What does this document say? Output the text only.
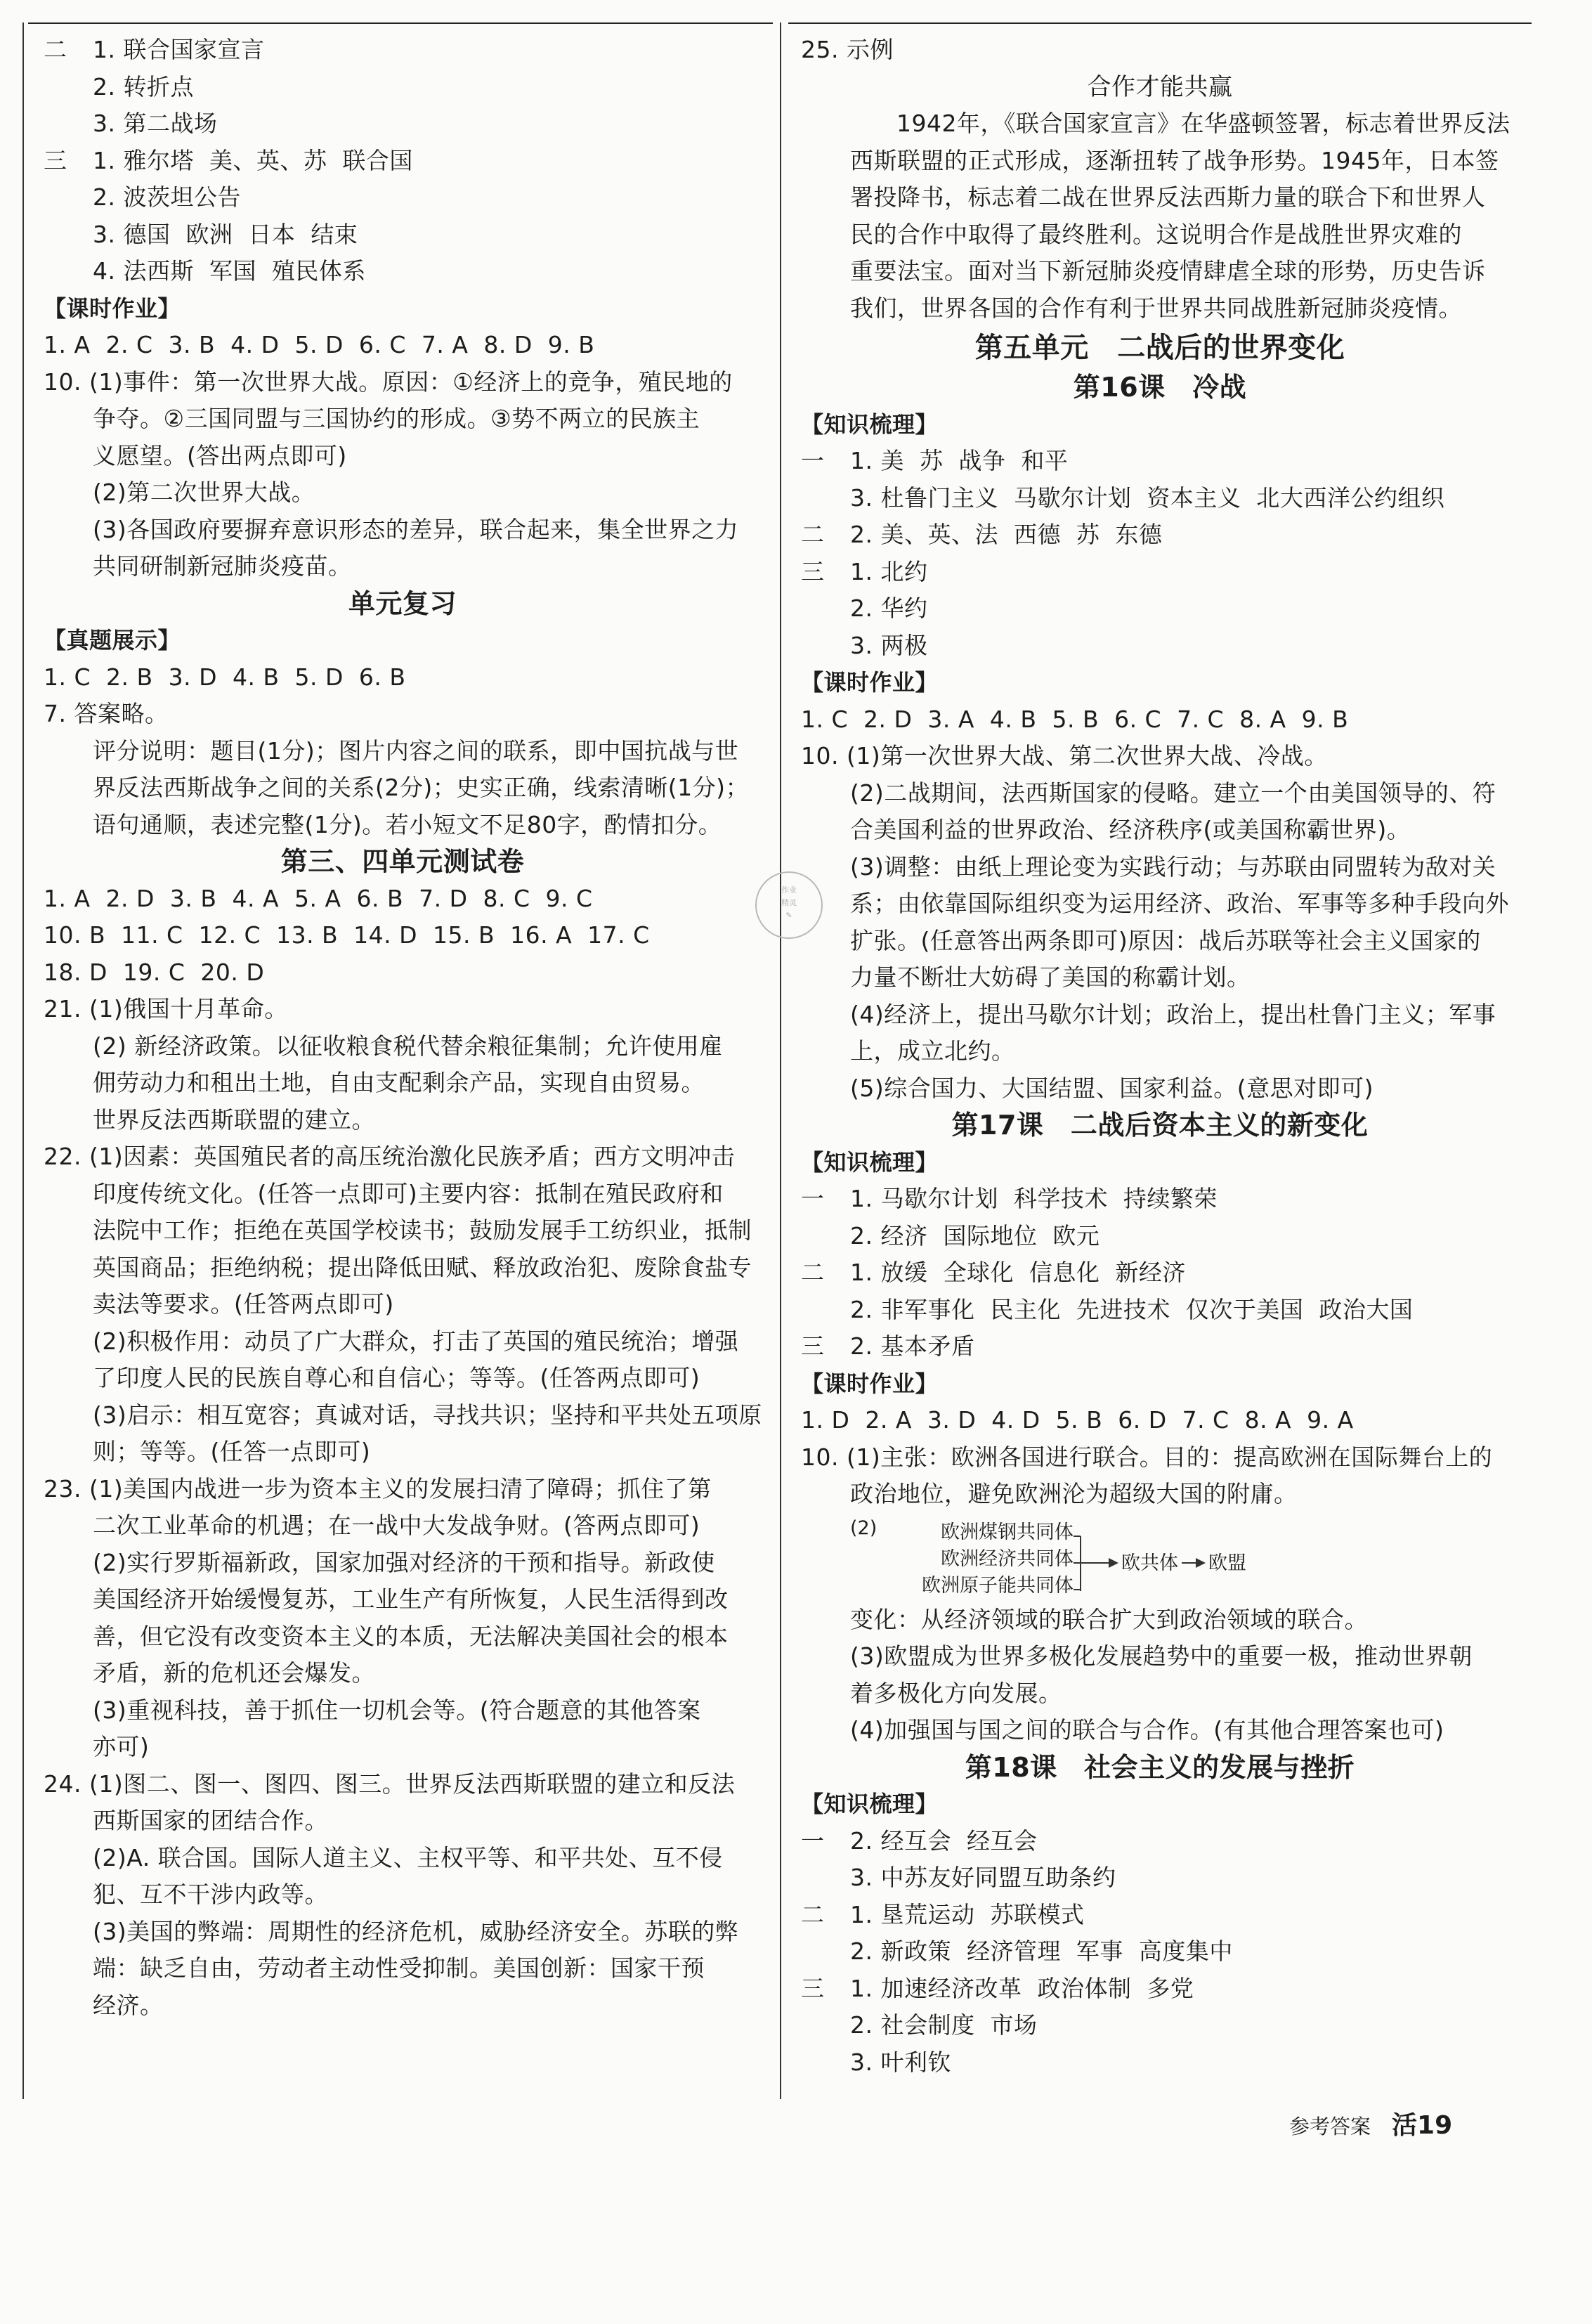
二 1. 联合国家宣言
2. 转折点
3. 第二战场
三 1. 雅尔塔  美、英、苏  联合国
2. 波茨坦公告
3. 德国  欧洲  日本  结束
4. 法西斯  军国  殖民体系
【课时作业】
1. A  2. C  3. B  4. D  5. D  6. C  7. A  8. D  9. B
10. (1)事件：第一次世界大战。原因：①经济上的竞争，殖民地的
争夺。②三国同盟与三国协约的形成。③势不两立的民族主
义愿望。(答出两点即可)
(2)第二次世界大战。
(3)各国政府要摒弃意识形态的差异，联合起来，集全世界之力
共同研制新冠肺炎疫苗。
单元复习
【真题展示】
1. C  2. B  3. D  4. B  5. D  6. B
7. 答案略。
评分说明：题目(1分)；图片内容之间的联系，即中国抗战与世
界反法西斯战争之间的关系(2分)；史实正确，线索清晰(1分)；
语句通顺，表述完整(1分)。若小短文不足80字，酌情扣分。
第三、四单元测试卷
1. A  2. D  3. B  4. A  5. A  6. B  7. D  8. C  9. C
10. B  11. C  12. C  13. B  14. D  15. B  16. A  17. C
18. D  19. C  20. D
21. (1)俄国十月革命。
(2) 新经济政策。以征收粮食税代替余粮征集制；允许使用雇
佣劳动力和租出土地，自由支配剩余产品，实现自由贸易。
世界反法西斯联盟的建立。
22. (1)因素：英国殖民者的高压统治激化民族矛盾；西方文明冲击
印度传统文化。(任答一点即可)主要内容：抵制在殖民政府和
法院中工作；拒绝在英国学校读书；鼓励发展手工纺织业，抵制
英国商品；拒绝纳税；提出降低田赋、释放政治犯、废除食盐专
卖法等要求。(任答两点即可)
(2)积极作用：动员了广大群众，打击了英国的殖民统治；增强
了印度人民的民族自尊心和自信心；等等。(任答两点即可)
(3)启示：相互宽容；真诚对话，寻找共识；坚持和平共处五项原
则；等等。(任答一点即可)
23. (1)美国内战进一步为资本主义的发展扫清了障碍；抓住了第
二次工业革命的机遇；在一战中大发战争财。(答两点即可)
(2)实行罗斯福新政，国家加强对经济的干预和指导。新政使
美国经济开始缓慢复苏，工业生产有所恢复，人民生活得到改
善，但它没有改变资本主义的本质，无法解决美国社会的根本
矛盾，新的危机还会爆发。
(3)重视科技，善于抓住一切机会等。(符合题意的其他答案
亦可)
24. (1)图二、图一、图四、图三。世界反法西斯联盟的建立和反法
西斯国家的团结合作。
(2)A. 联合国。国际人道主义、主权平等、和平共处、互不侵
犯、互不干涉内政等。
(3)美国的弊端：周期性的经济危机，威胁经济安全。苏联的弊
端：缺乏自由，劳动者主动性受抑制。美国创新：国家干预
经济。
25. 示例
合作才能共赢
1942年，《联合国家宣言》在华盛顿签署，标志着世界反法
西斯联盟的正式形成，逐渐扭转了战争形势。1945年，日本签
署投降书，标志着二战在世界反法西斯力量的联合下和世界人
民的合作中取得了最终胜利。这说明合作是战胜世界灾难的
重要法宝。面对当下新冠肺炎疫情肆虐全球的形势，历史告诉
我们，世界各国的合作有利于世界共同战胜新冠肺炎疫情。
第五单元　二战后的世界变化
第16课　冷战
【知识梳理】
一 1. 美  苏  战争  和平
3. 杜鲁门主义  马歇尔计划  资本主义  北大西洋公约组织
二 2. 美、英、法  西德  苏  东德
三 1. 北约
2. 华约
3. 两极
【课时作业】
1. C  2. D  3. A  4. B  5. B  6. C  7. C  8. A  9. B
10. (1)第一次世界大战、第二次世界大战、冷战。
(2)二战期间，法西斯国家的侵略。建立一个由美国领导的、符
合美国利益的世界政治、经济秩序(或美国称霸世界)。
(3)调整：由纸上理论变为实践行动；与苏联由同盟转为敌对关
系；由依靠国际组织变为运用经济、政治、军事等多种手段向外
扩张。(任意答出两条即可)原因：战后苏联等社会主义国家的
力量不断壮大妨碍了美国的称霸计划。
(4)经济上，提出马歇尔计划；政治上，提出杜鲁门主义；军事
上，成立北约。
(5)综合国力、大国结盟、国家利益。(意思对即可)
第17课　二战后资本主义的新变化
【知识梳理】
一 1. 马歇尔计划  科学技术  持续繁荣
2. 经济  国际地位  欧元
二 1. 放缓  全球化  信息化  新经济
2. 非军事化  民主化  先进技术  仅次于美国  政治大国
三 2. 基本矛盾
【课时作业】
1. D  2. A  3. D  4. D  5. B  6. D  7. C  8. A  9. A
10. (1)主张：欧洲各国进行联合。目的：提高欧洲在国际舞台上的
政治地位，避免欧洲沦为超级大国的附庸。
(2)	欧洲煤钢共同体
欧洲经济共同体
欧洲原子能共同体
欧共体 欧盟
变化：从经济领域的联合扩大到政治领域的联合。
(3)欧盟成为世界多极化发展趋势中的重要一极，推动世界朝
着多极化方向发展。
(4)加强国与国之间的联合与合作。(有其他合理答案也可)
第18课　社会主义的发展与挫折
【知识梳理】
一 2. 经互会  经互会
3. 中苏友好同盟互助条约
二 1. 垦荒运动  苏联模式
2. 新政策  经济管理  军事  高度集中
三 1. 加速经济改革  政治体制  多党
2. 社会制度  市场
3. 叶利钦
作业
精灵
✎
参考答案 活19
